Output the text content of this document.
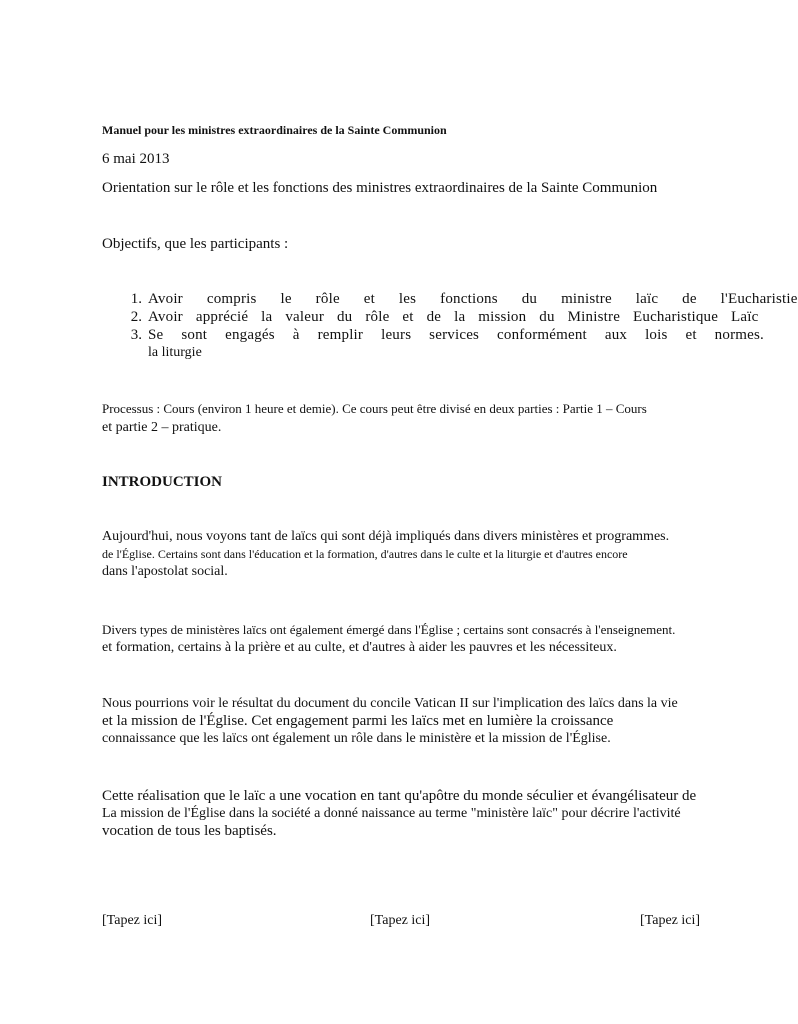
Manuel pour les ministres extraordinaires de la Sainte Communion
6 mai 2013
Orientation sur le rôle et les fonctions des ministres extraordinaires de la Sainte Communion
Objectifs, que les participants :
1. Avoir compris le rôle et les fonctions du ministre laïc de l'Eucharistie
2. Avoir apprécié la valeur du rôle et de la mission du Ministre Eucharistique Laïc
3. Se sont engagés à remplir leurs services conformément aux lois et normes.
la liturgie
Processus : Cours (environ 1 heure et demie). Ce cours peut être divisé en deux parties : Partie 1 – Cours
et partie 2 – pratique.
INTRODUCTION
Aujourd'hui, nous voyons tant de laïcs qui sont déjà impliqués dans divers ministères et programmes.
de l'Église. Certains sont dans l'éducation et la formation, d'autres dans le culte et la liturgie et d'autres encore
dans l'apostolat social.
Divers types de ministères laïcs ont également émergé dans l'Église ; certains sont consacrés à l'enseignement.
et formation, certains à la prière et au culte, et d'autres à aider les pauvres et les nécessiteux.
Nous pourrions voir le résultat du document du concile Vatican II sur l'implication des laïcs dans la vie
et la mission de l'Église. Cet engagement parmi les laïcs met en lumière la croissance
connaissance que les laïcs ont également un rôle dans le ministère et la mission de l'Église.
Cette réalisation que le laïc a une vocation en tant qu'apôtre du monde séculier et évangélisateur de
La mission de l'Église dans la société a donné naissance au terme "ministère laïc" pour décrire l'activité
vocation de tous les baptisés.
[Tapez ici]	[Tapez ici]	[Tapez ici]
